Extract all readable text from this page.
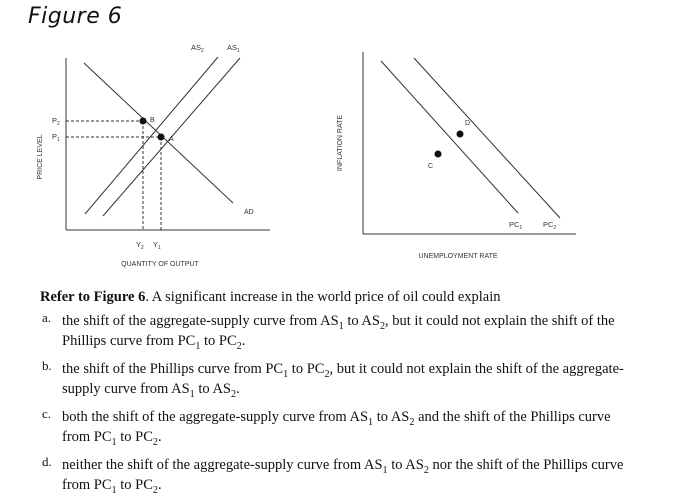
Figure 6
B
A
$AS_2$	$AS_1$
AD
$P_2$
$P_1$
$Y_2$ $Y_1$
PRICE LEVEL
QUANTITY OF OUTPUT
D
C
$PC_1$	$PC_2$
INFLATION RATE
UNEMPLOYMENT RATE
Refer to Figure 6. A significant increase in the world price of oil could explain
a. the shift of the aggregate-supply curve from $AS_1$ to $AS_2$, but it could not explain the shift of the Phillips curve from $PC_1$ to $PC_2$.
b. the shift of the Phillips curve from $PC_1$ to $PC_2$, but it could not explain the shift of the aggregate-supply curve from $AS_1$ to $AS_2$.
c. both the shift of the aggregate-supply curve from $AS_1$ to $AS_2$ and the shift of the Phillips curve from $PC_1$ to $PC_2$.
d. neither the shift of the aggregate-supply curve from $AS_1$ to $AS_2$ nor the shift of the Phillips curve from $PC_1$ to $PC_2$.
